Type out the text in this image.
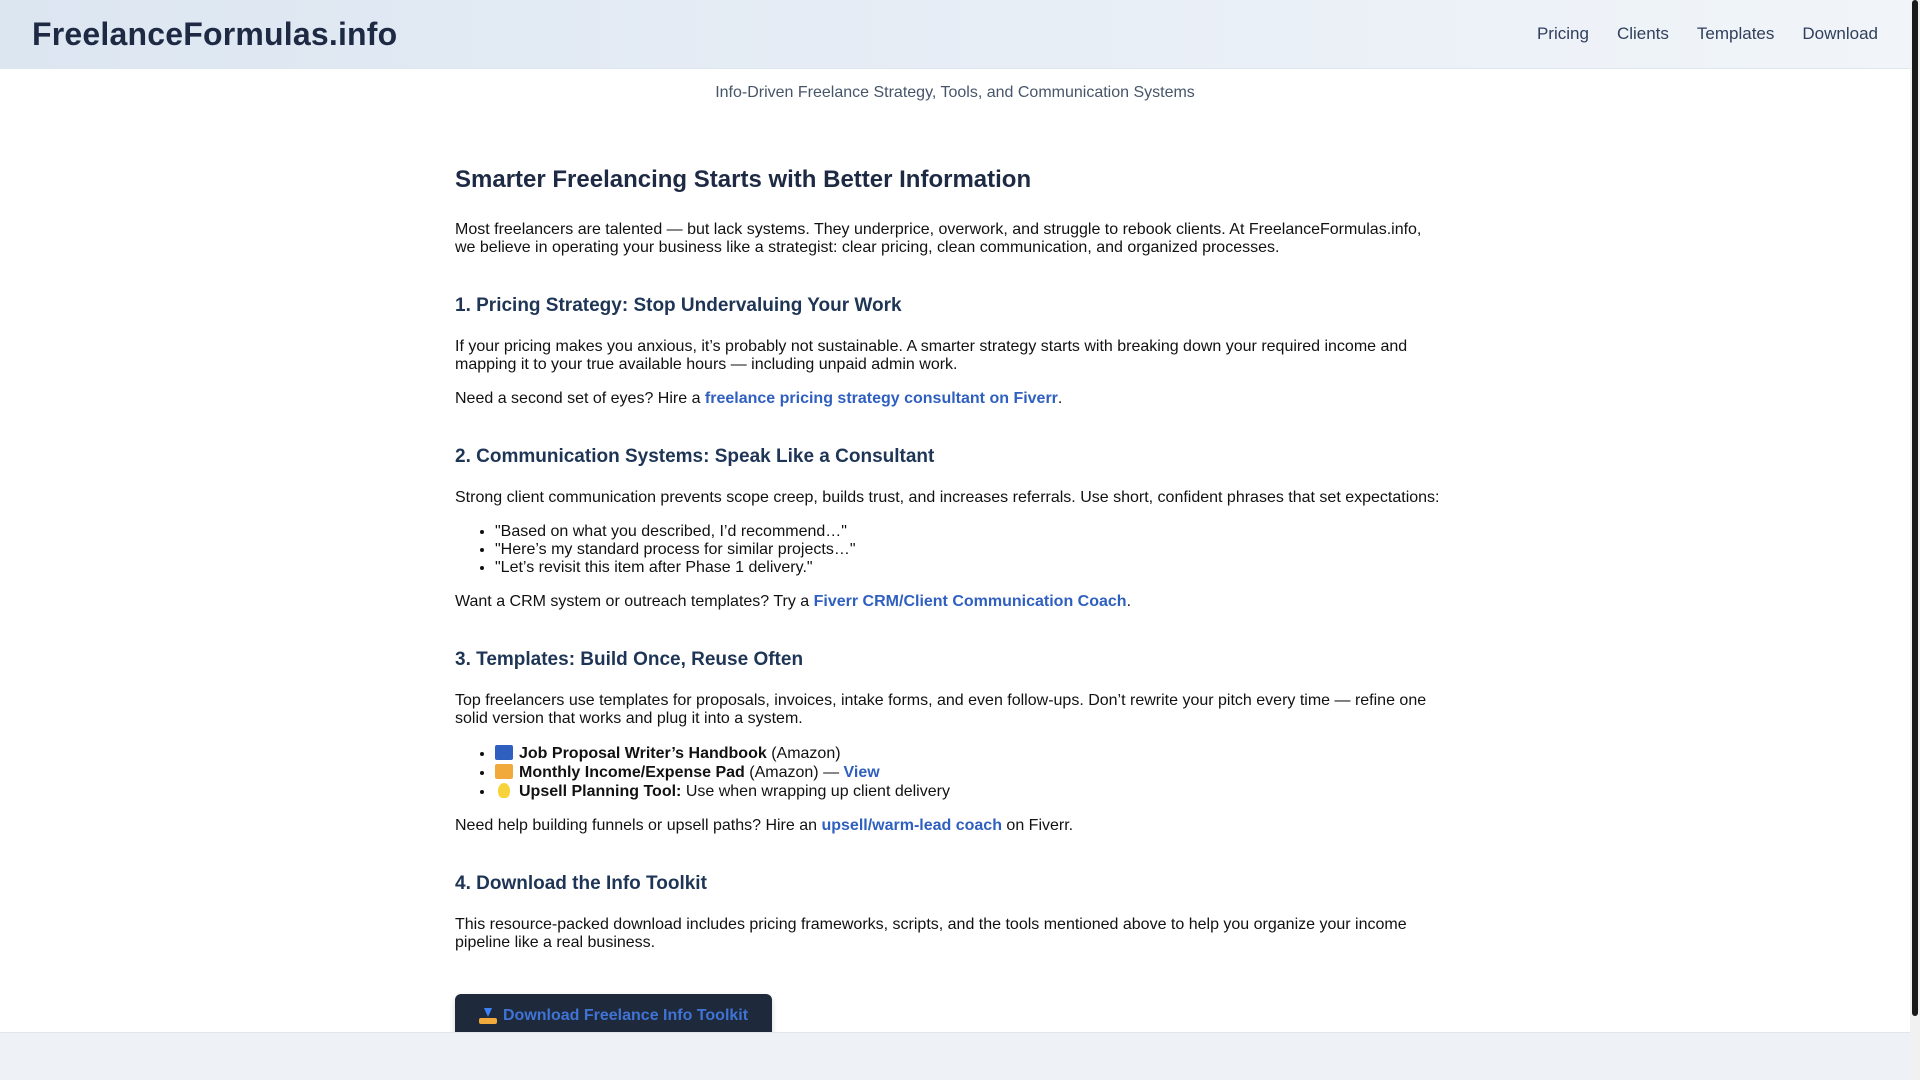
FreelanceFormulas.info	Pricing Clients Templates Download
Info-Driven Freelance Strategy, Tools, and Communication Systems
Smarter Freelancing Starts with Better Information

Most freelancers are talented — but lack systems. They underprice, overwork, and struggle to rebook clients. At FreelanceFormulas.info, we believe in operating your business like a strategist: clear pricing, clean communication, and organized processes.

1. Pricing Strategy: Stop Undervaluing Your Work

If your pricing makes you anxious, it’s probably not sustainable. A smarter strategy starts with breaking down your required income and mapping it to your true available hours — including unpaid admin work.

Need a second set of eyes? Hire a freelance pricing strategy consultant on Fiverr.

2. Communication Systems: Speak Like a Consultant

Strong client communication prevents scope creep, builds trust, and increases referrals. Use short, confident phrases that set expectations:

• "Based on what you described, I’d recommend…"
• "Here’s my standard process for similar projects…"
• "Let’s revisit this item after Phase 1 delivery."

Want a CRM system or outreach templates? Try a Fiverr CRM/Client Communication Coach.

3. Templates: Build Once, Reuse Often

Top freelancers use templates for proposals, invoices, intake forms, and even follow-ups. Don’t rewrite your pitch every time — refine one solid version that works and plug it into a system.

• Job Proposal Writer’s Handbook (Amazon)
• Monthly Income/Expense Pad (Amazon) — View
• Upsell Planning Tool: Use when wrapping up client delivery

Need help building funnels or upsell paths? Hire an upsell/warm-lead coach on Fiverr.

4. Download the Info Toolkit

This resource-packed download includes pricing frameworks, scripts, and the tools mentioned above to help you organize your income pipeline like a real business.

Download Freelance Info Toolkit
